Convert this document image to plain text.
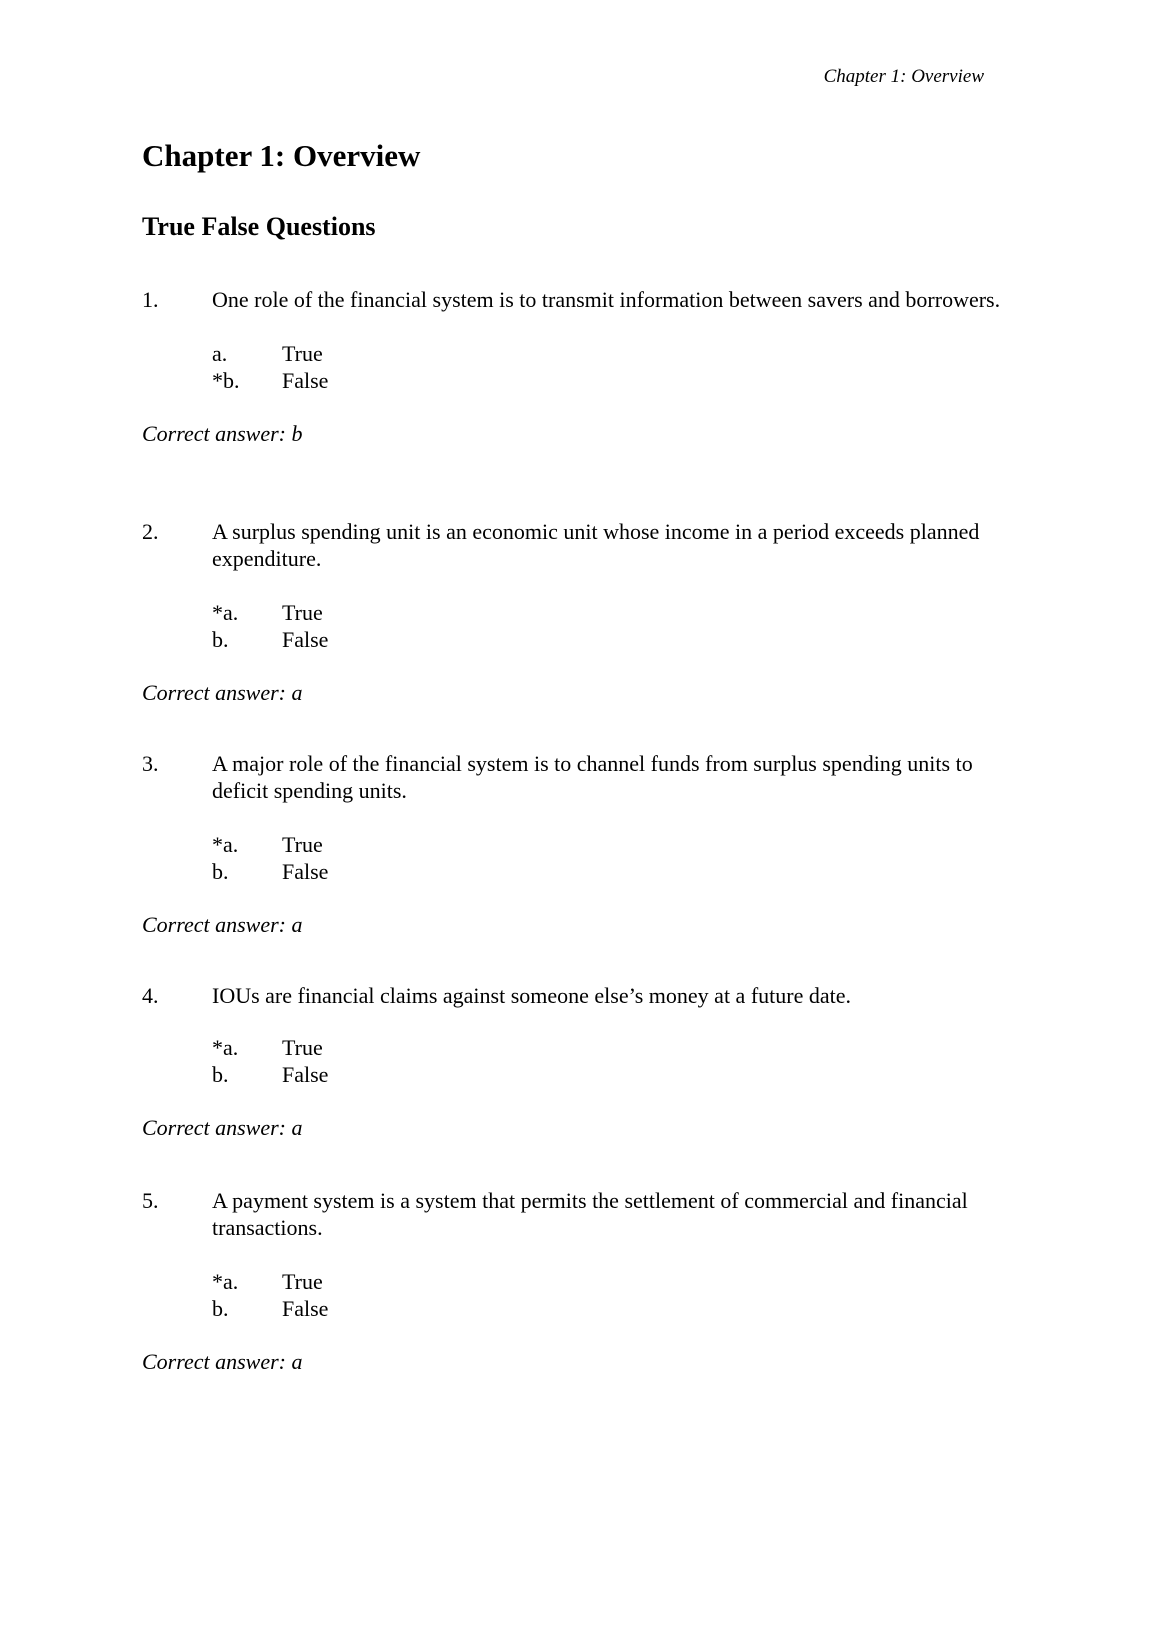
Chapter 1: Overview
Chapter 1: Overview
True False Questions
1. One role of the financial system is to transmit information between savers and borrowers.
a. True
*b. False
Correct answer: b
2. A surplus spending unit is an economic unit whose income in a period exceeds planned expenditure.
*a. True
b. False
Correct answer: a
3. A major role of the financial system is to channel funds from surplus spending units to deficit spending units.
*a. True
b. False
Correct answer: a
4. IOUs are financial claims against someone else’s money at a future date.
*a. True
b. False
Correct answer: a
5. A payment system is a system that permits the settlement of commercial and financial transactions.
*a. True
b. False
Correct answer: a
